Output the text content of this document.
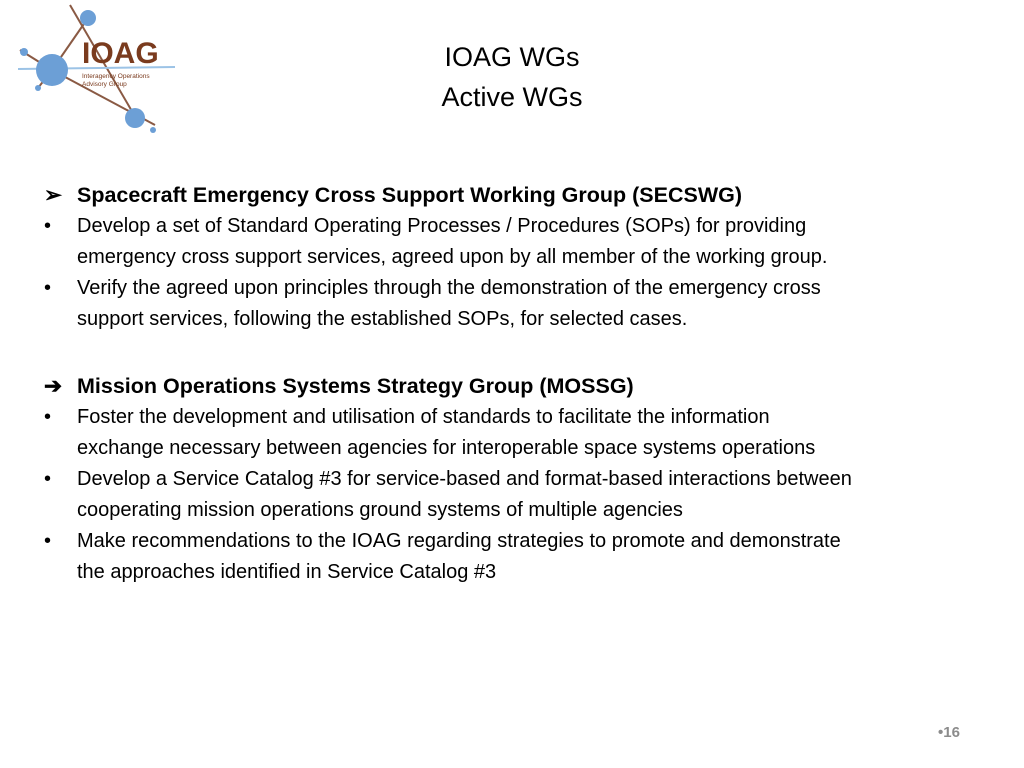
IOAG
Interagency Operations
Advisory Group
IOAG WGs
Active WGs
➢ Spacecraft Emergency Cross Support Working Group (SECSWG)
• Develop a set of Standard Operating Processes / Procedures (SOPs) for providing
emergency cross support services, agreed upon by all member of the working group.
• Verify the agreed upon principles through the demonstration of the emergency cross
support services, following the established SOPs, for selected cases.
➔ Mission Operations Systems Strategy Group (MOSSG)
• Foster the development and utilisation of standards to facilitate the information
exchange necessary between agencies for interoperable space systems operations
• Develop a Service Catalog #3 for service-based and format-based interactions between
cooperating mission operations ground systems of multiple agencies
• Make recommendations to the IOAG regarding strategies to promote and demonstrate
the approaches identified in Service Catalog #3
•16
